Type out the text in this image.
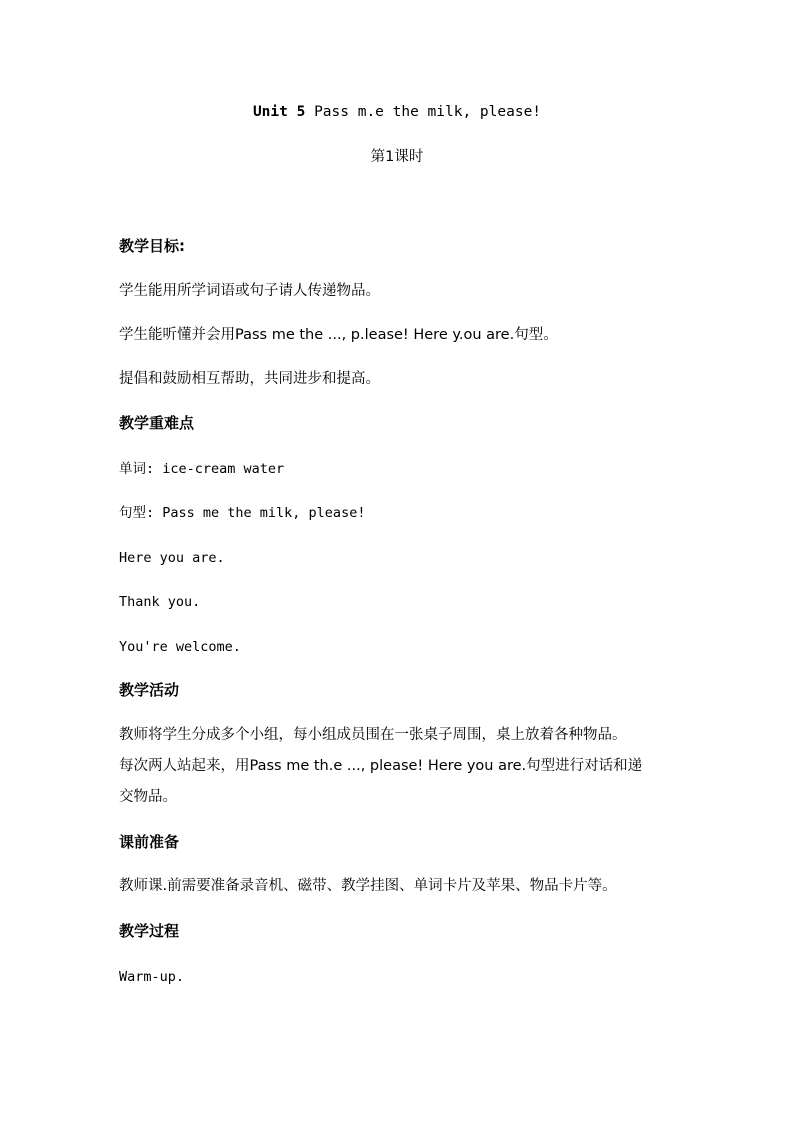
Unit 5 Pass m.e the milk, please!
第1课时
教学目标:
学生能用所学词语或句子请人传递物品。
学生能听懂并会用Pass me the ..., p.lease! Here y.ou are.句型。
提倡和鼓励相互帮助，共同进步和提高。
教学重难点
单词: ice-cream water
句型: Pass me the milk, please!
Here you are.
Thank you.
You're welcome.
教学活动
教师将学生分成多个小组，每小组成员围在一张桌子周围，桌上放着各种物品。
每次两人站起来，用Pass me th.e ..., please! Here you are.句型进行对话和递
交物品。
课前准备
教师课.前需要准备录音机、磁带、教学挂图、单词卡片及苹果、物品卡片等。
教学过程
Warm-up.
